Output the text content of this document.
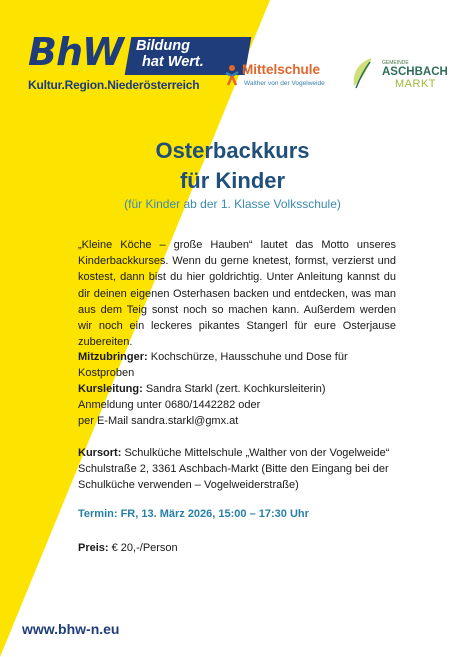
BhW Bildung
hat Wert.
Kultur.Region.Niederösterreich
Mittelschule
Walther von der Vogelweide
GEMEINDE
ASCHBACH
MARKT
Osterbackkurs
für Kinder
(für Kinder ab der 1. Klasse Volksschule)
„Kleine Köche – große Hauben“ lautet das Motto unseres Kinderbackkurses. Wenn du gerne knetest, formst, verzierst und kostest, dann bist du hier goldrichtig. Unter Anleitung kannst du dir deinen eigenen Osterhasen backen und entdecken, was man aus dem Teig sonst noch so machen kann. Außerdem werden wir noch ein leckeres pikantes Stangerl für eure Osterjause zubereiten.
Mitzubringer: Kochschürze, Hausschuhe und Dose für Kostproben
Kursleitung: Sandra Starkl (zert. Kochkursleiterin)
Anmeldung unter 0680/1442282 oder
per E-Mail sandra.starkl@gmx.at
Kursort: Schulküche Mittelschule „Walther von der Vogelweide“ Schulstraße 2, 3361 Aschbach-Markt (Bitte den Eingang bei der Schulküche verwenden – Vogelweiderstraße)
Termin: FR, 13. März 2026, 15:00 – 17:30 Uhr
Preis: € 20,-/Person
www.bhw-n.eu
